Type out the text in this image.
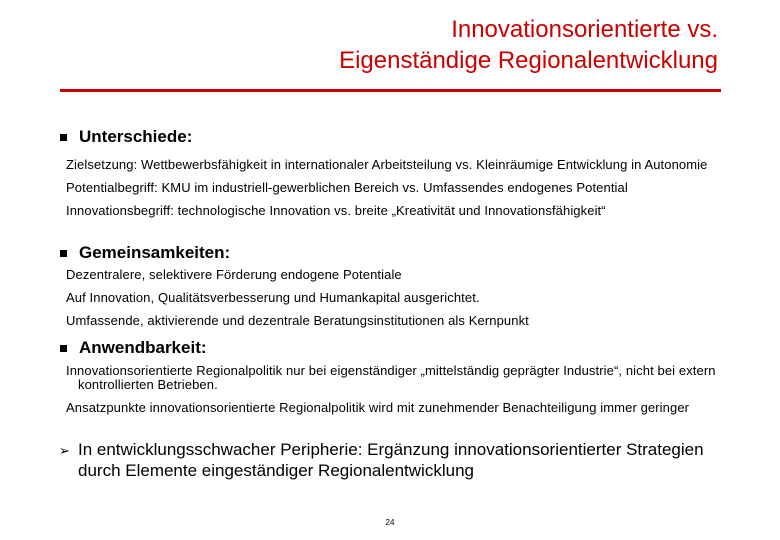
Innovationsorientierte vs.
Eigenständige Regionalentwicklung
Unterschiede:
Zielsetzung: Wettbewerbsfähigkeit in internationaler Arbeitsteilung vs. Kleinräumige Entwicklung in Autonomie
Potentialbegriff: KMU im industriell-gewerblichen Bereich vs. Umfassendes endogenes Potential
Innovationsbegriff: technologische Innovation vs. breite „Kreativität und Innovationsfähigkeit“
Gemeinsamkeiten:
Dezentralere, selektivere Förderung endogene Potentiale
Auf Innovation, Qualitätsverbesserung und Humankapital ausgerichtet.
Umfassende, aktivierende und dezentrale Beratungsinstitutionen als Kernpunkt
Anwendbarkeit:
Innovationsorientierte Regionalpolitik nur bei eigenständiger „mittelständig geprägter Industrie“, nicht bei extern kontrollierten Betrieben.
Ansatzpunkte innovationsorientierte Regionalpolitik wird mit zunehmender Benachteiligung immer geringer
➢ In entwicklungsschwacher Peripherie: Ergänzung innovationsorientierter Strategien durch Elemente eingeständiger Regionalentwicklung
24
